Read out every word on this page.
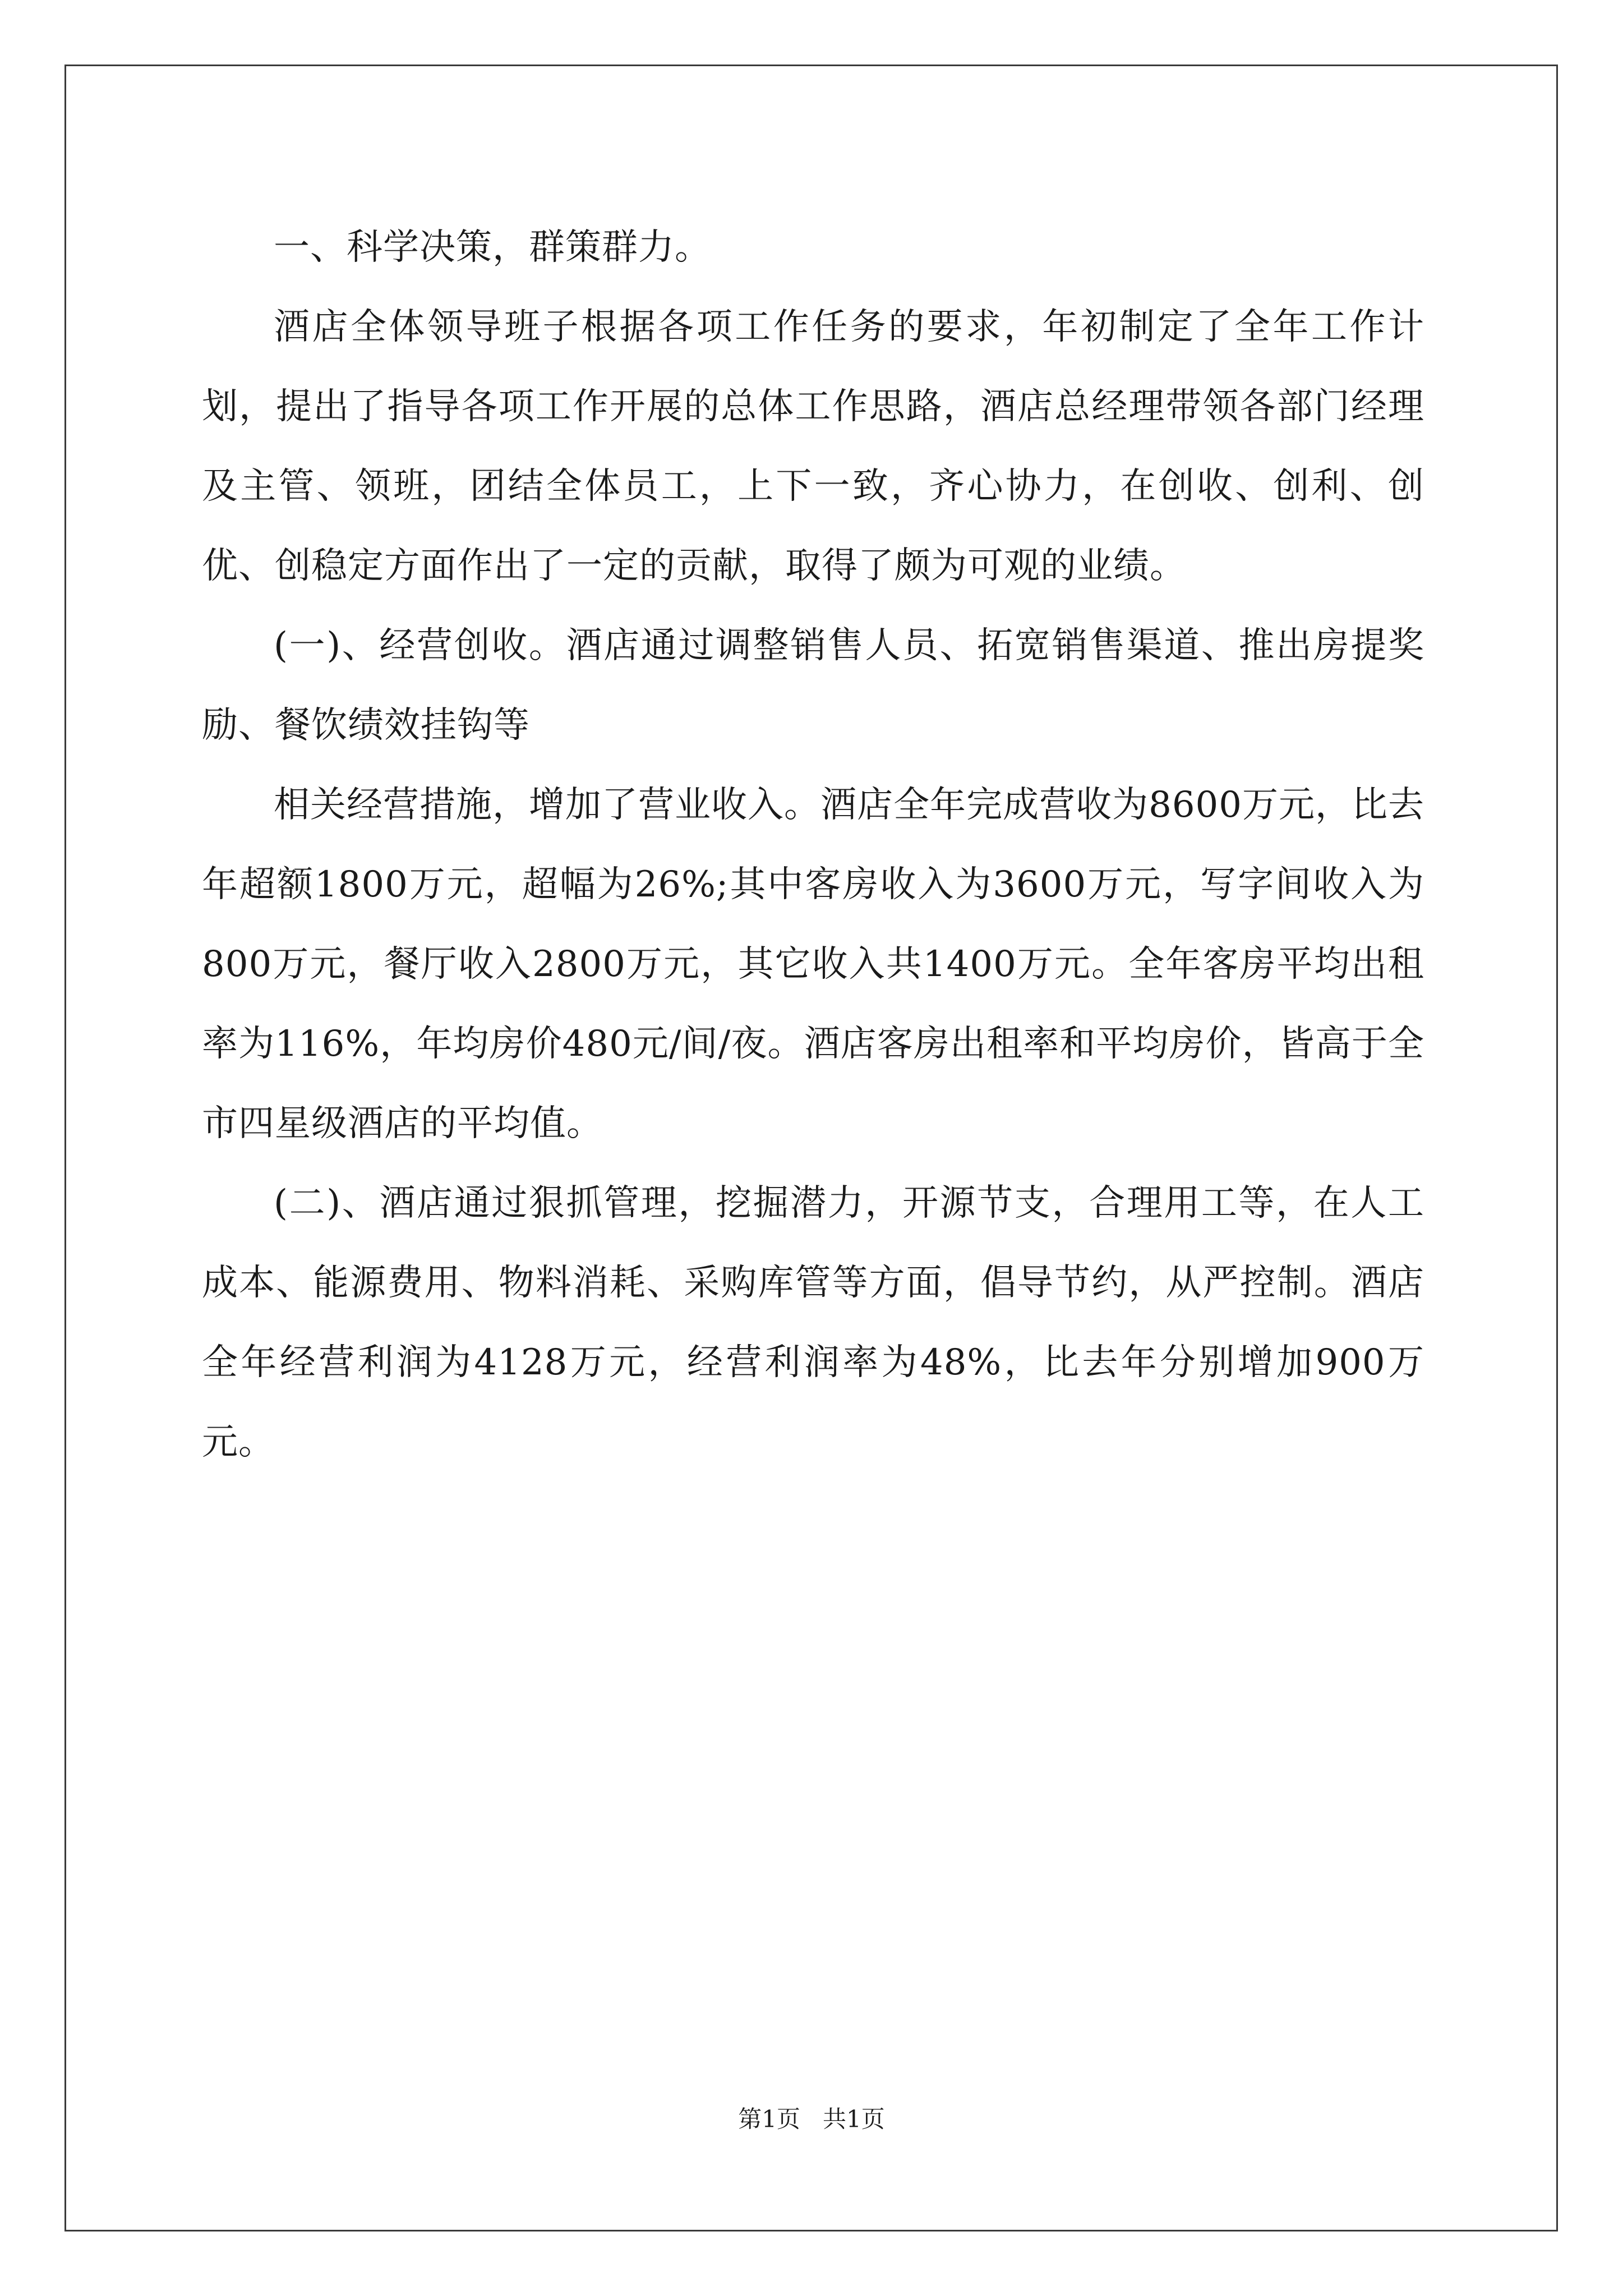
一、科学决策，群策群力。

酒店全体领导班子根据各项工作任务的要求，年初制定了全年工作计划，提出了指导各项工作开展的总体工作思路，酒店总经理带领各部门经理及主管、领班，团结全体员工，上下一致，齐心协力，在创收、创利、创优、创稳定方面作出了一定的贡献，取得了颇为可观的业绩。

(一)、经营创收。酒店通过调整销售人员、拓宽销售渠道、推出房提奖励、餐饮绩效挂钩等

相关经营措施，增加了营业收入。酒店全年完成营收为8600万元，比去年超额1800万元，超幅为26%;其中客房收入为3600万元，写字间收入为800万元，餐厅收入2800万元，其它收入共1400万元。全年客房平均出租率为116%，年均房价480元/间/夜。酒店客房出租率和平均房价，皆高于全市四星级酒店的平均值。

(二)、酒店通过狠抓管理，挖掘潜力，开源节支，合理用工等，在人工成本、能源费用、物料消耗、采购库管等方面，倡导节约，从严控制。酒店全年经营利润为4128万元，经营利润率为48%，比去年分别增加900万元。

第1页   共1页
